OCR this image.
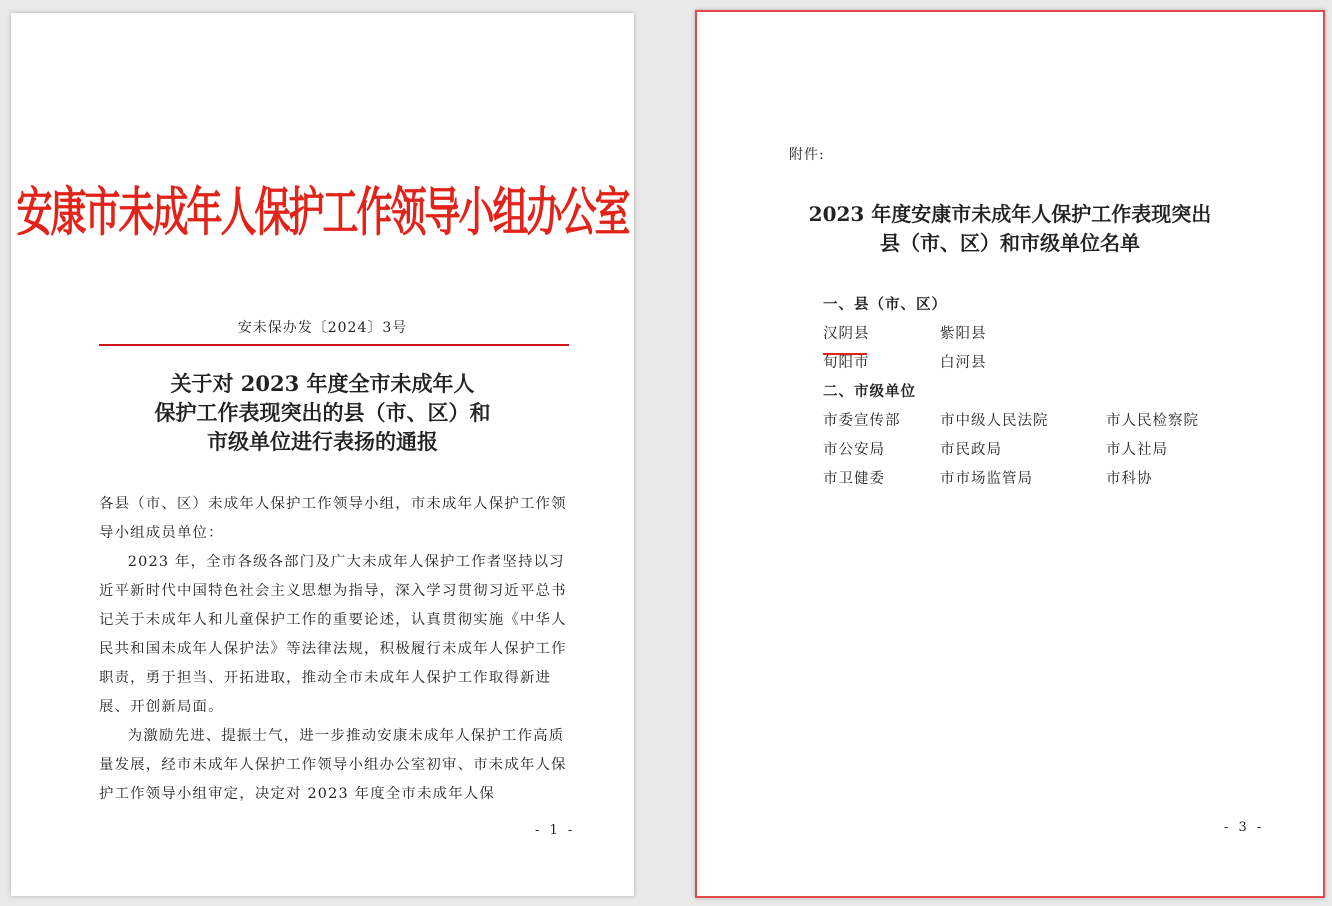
安康市未成年人保护工作领导小组办公室
安未保办发〔2024〕3号
关于对 2023 年度全市未成年人
保护工作表现突出的县（市、区）和
市级单位进行表扬的通报

各县（市、区）未成年人保护工作领导小组，市未成年人保护工作领导小组成员单位：

2023 年，全市各级各部门及广大未成年人保护工作者坚持以习近平新时代中国特色社会主义思想为指导，深入学习贯彻习近平总书记关于未成年人和儿童保护工作的重要论述，认真贯彻实施《中华人民共和国未成年人保护法》等法律法规，积极履行未成年人保护工作职责，勇于担当、开拓进取，推动全市未成年人保护工作取得新进展、开创新局面。

为激励先进、提振士气，进一步推动安康未成年人保护工作高质量发展，经市未成年人保护工作领导小组办公室初审、市未成年人保护工作领导小组审定，决定对 2023 年度全市未成年人保

- 1 -
附件:
2023 年度安康市未成年人保护工作表现突出
县（市、区）和市级单位名单
一、县（市、区）
汉阴县	紫阳县
旬阳市	白河县
二、市级单位
市委宣传部	市中级人民法院	市人民检察院
市公安局	市民政局	市人社局
市卫健委	市市场监管局	市科协
- 3 -
